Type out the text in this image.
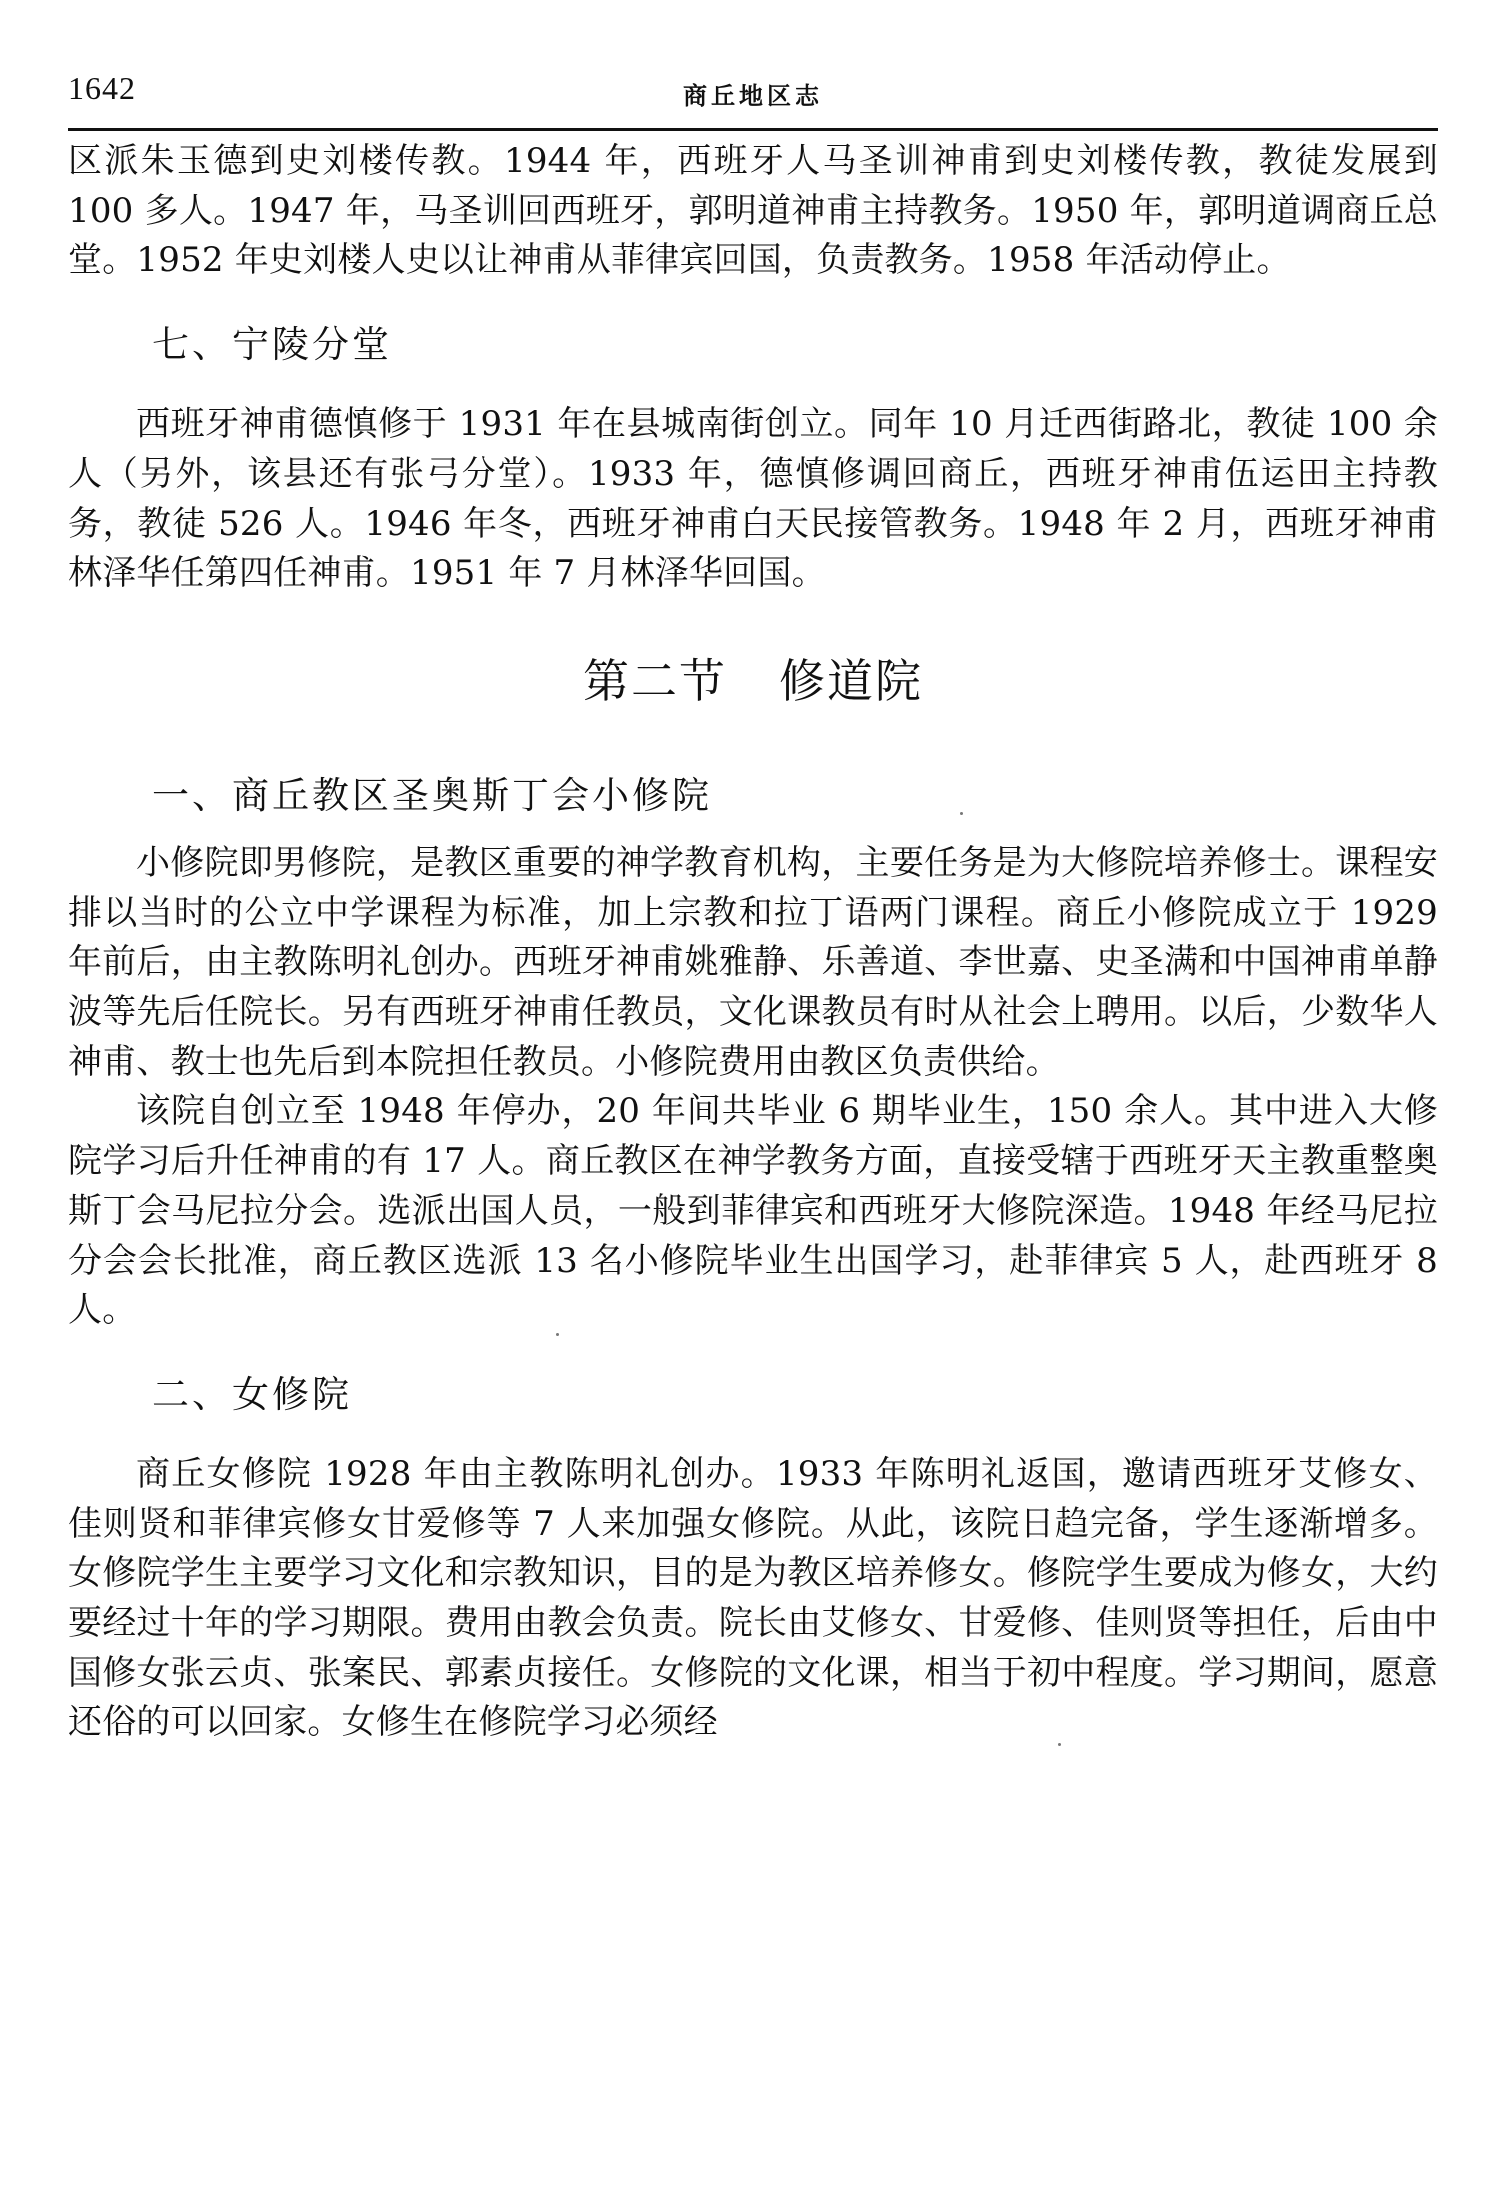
1642	商丘地区志

区派朱玉德到史刘楼传教。1944 年，西班牙人马圣训神甫到史刘楼传教，教徒发展到 100 多人。1947 年，马圣训回西班牙，郭明道神甫主持教务。1950 年，郭明道调商丘总堂。1952 年史刘楼人史以让神甫从菲律宾回国，负责教务。1958 年活动停止。

七、宁陵分堂

西班牙神甫德慎修于 1931 年在县城南街创立。同年 10 月迁西街路北，教徒 100 余人（另外，该县还有张弓分堂）。1933 年，德慎修调回商丘，西班牙神甫伍运田主持教务，教徒 526 人。1946 年冬，西班牙神甫白天民接管教务。1948 年 2 月，西班牙神甫林泽华任第四任神甫。1951 年 7 月林泽华回国。

第二节 修道院
一、商丘教区圣奥斯丁会小修院

小修院即男修院，是教区重要的神学教育机构，主要任务是为大修院培养修士。课程安排以当时的公立中学课程为标准，加上宗教和拉丁语两门课程。商丘小修院成立于 1929 年前后，由主教陈明礼创办。西班牙神甫姚雅静、乐善道、李世嘉、史圣满和中国神甫单静波等先后任院长。另有西班牙神甫任教员，文化课教员有时从社会上聘用。以后，少数华人神甫、教士也先后到本院担任教员。小修院费用由教区负责供给。

该院自创立至 1948 年停办，20 年间共毕业 6 期毕业生，150 余人。其中进入大修院学习后升任神甫的有 17 人。商丘教区在神学教务方面，直接受辖于西班牙天主教重整奥斯丁会马尼拉分会。选派出国人员，一般到菲律宾和西班牙大修院深造。1948 年经马尼拉分会会长批准，商丘教区选派 13 名小修院毕业生出国学习，赴菲律宾 5 人，赴西班牙 8 人。

二、女修院

商丘女修院 1928 年由主教陈明礼创办。1933 年陈明礼返国，邀请西班牙艾修女、佳则贤和菲律宾修女甘爱修等 7 人来加强女修院。从此，该院日趋完备，学生逐渐增多。女修院学生主要学习文化和宗教知识，目的是为教区培养修女。修院学生要成为修女，大约要经过十年的学习期限。费用由教会负责。院长由艾修女、甘爱修、佳则贤等担任，后由中国修女张云贞、张案民、郭素贞接任。女修院的文化课，相当于初中程度。学习期间，愿意还俗的可以回家。女修生在修院学习必须经
